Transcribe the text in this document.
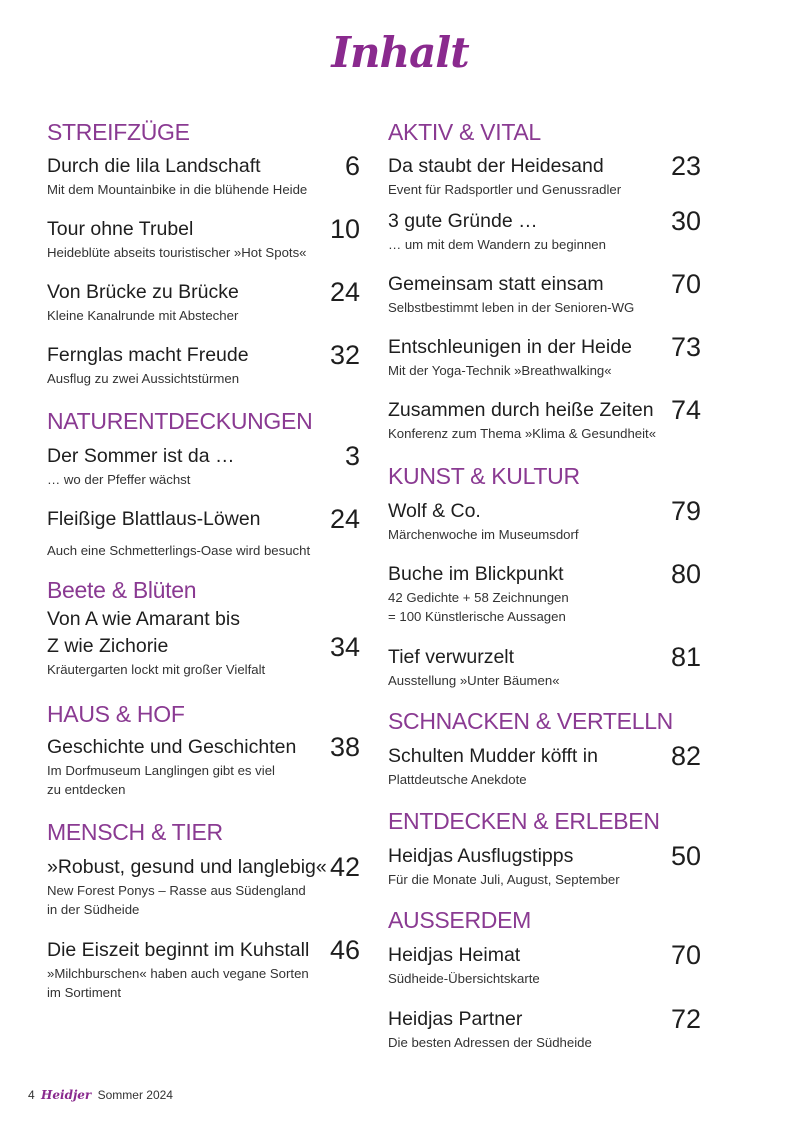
Inhalt
STREIFZÜGE
Durch die lila Landschaft
Mit dem Mountainbike in die blühende Heide
6
Tour ohne Trubel
Heideblüte abseits touristischer »Hot Spots«
10
Von Brücke zu Brücke
Kleine Kanalrunde mit Abstecher
24
Fernglas macht Freude
Ausflug zu zwei Aussichtstürmen
32
NATURENTDECKUNGEN
Der Sommer ist da …
… wo der Pfeffer wächst
3
Fleißige Blattlaus-Löwen
Auch eine Schmetterlings-Oase wird besucht
24
Beete & Blüten
Von A wie Amarant bis
Z wie Zichorie
Kräutergarten lockt mit großer Vielfalt
34
HAUS & HOF
Geschichte und Geschichten
Im Dorfmuseum Langlingen gibt es viel
zu entdecken
38
MENSCH & TIER
»Robust, gesund und langlebig«
New Forest Ponys – Rasse aus Südengland
in der Südheide
42
Die Eiszeit beginnt im Kuhstall
»Milchburschen« haben auch vegane Sorten
im Sortiment
46
AKTIV & VITAL
Da staubt der Heidesand
Event für Radsportler und Genussradler
23
3 gute Gründe …
… um mit dem Wandern zu beginnen
30
Gemeinsam statt einsam
Selbstbestimmt leben in der Senioren-WG
70
Entschleunigen in der Heide
Mit der Yoga-Technik »Breathwalking«
73
Zusammen durch heiße Zeiten
Konferenz zum Thema »Klima & Gesundheit«
74
KUNST & KULTUR
Wolf & Co.
Märchenwoche im Museumsdorf
79
Buche im Blickpunkt
42 Gedichte + 58 Zeichnungen
= 100 Künstlerische Aussagen
80
Tief verwurzelt
Ausstellung »Unter Bäumen«
81
SCHNACKEN & VERTELLN
Schulten Mudder köfft in
Plattdeutsche Anekdote
82
ENTDECKEN & ERLEBEN
Heidjas Ausflugstipps
Für die Monate Juli, August, September
50
AUSSERDEM
Heidjas Heimat
Südheide-Übersichtskarte
70
Heidjas Partner
Die besten Adressen der Südheide
72
4 Heidjer Sommer 2024
